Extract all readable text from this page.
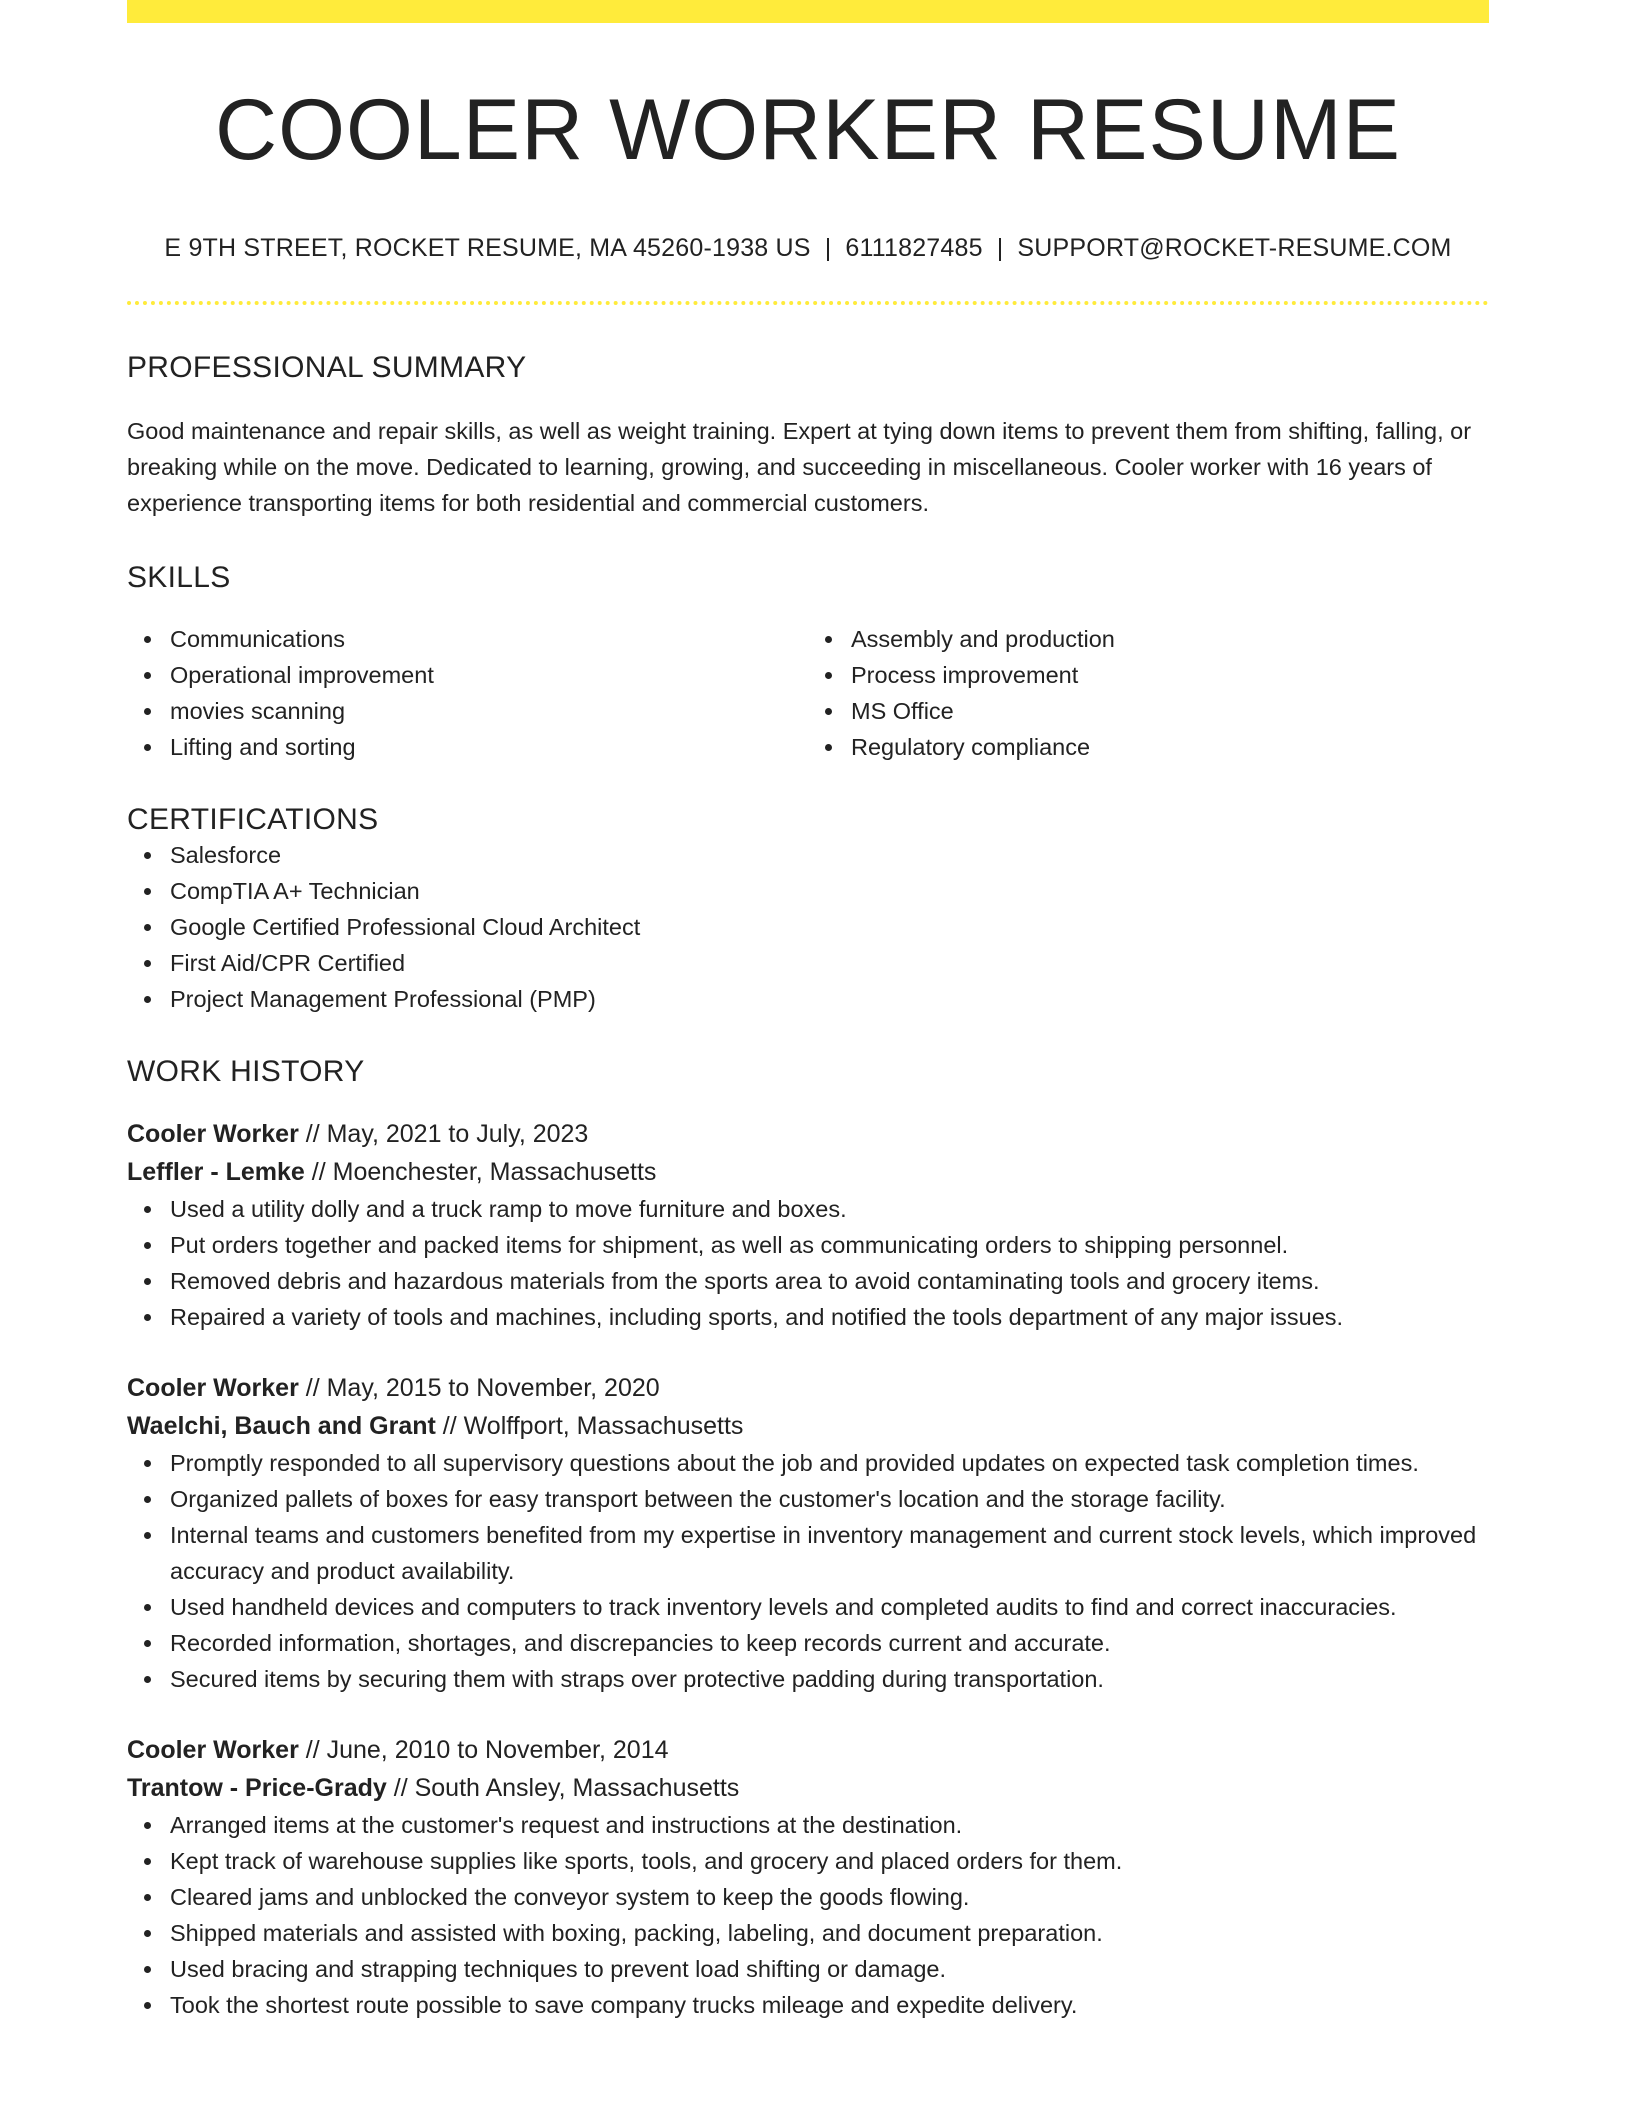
COOLER WORKER RESUME
E 9TH STREET, ROCKET RESUME, MA 45260-1938 US | 6111827485 | SUPPORT@ROCKET-RESUME.COM
PROFESSIONAL SUMMARY
Good maintenance and repair skills, as well as weight training. Expert at tying down items to prevent them from shifting, falling, or breaking while on the move. Dedicated to learning, growing, and succeeding in miscellaneous. Cooler worker with 16 years of experience transporting items for both residential and commercial customers.
SKILLS
Communications
Operational improvement
movies scanning
Lifting and sorting
Assembly and production
Process improvement
MS Office
Regulatory compliance
CERTIFICATIONS
Salesforce
CompTIA A+ Technician
Google Certified Professional Cloud Architect
First Aid/CPR Certified
Project Management Professional (PMP)
WORK HISTORY
Cooler Worker // May, 2021 to July, 2023
Leffler - Lemke // Moenchester, Massachusetts
Used a utility dolly and a truck ramp to move furniture and boxes.
Put orders together and packed items for shipment, as well as communicating orders to shipping personnel.
Removed debris and hazardous materials from the sports area to avoid contaminating tools and grocery items.
Repaired a variety of tools and machines, including sports, and notified the tools department of any major issues.
Cooler Worker // May, 2015 to November, 2020
Waelchi, Bauch and Grant // Wolffport, Massachusetts
Promptly responded to all supervisory questions about the job and provided updates on expected task completion times.
Organized pallets of boxes for easy transport between the customer's location and the storage facility.
Internal teams and customers benefited from my expertise in inventory management and current stock levels, which improved accuracy and product availability.
Used handheld devices and computers to track inventory levels and completed audits to find and correct inaccuracies.
Recorded information, shortages, and discrepancies to keep records current and accurate.
Secured items by securing them with straps over protective padding during transportation.
Cooler Worker // June, 2010 to November, 2014
Trantow - Price-Grady // South Ansley, Massachusetts
Arranged items at the customer's request and instructions at the destination.
Kept track of warehouse supplies like sports, tools, and grocery and placed orders for them.
Cleared jams and unblocked the conveyor system to keep the goods flowing.
Shipped materials and assisted with boxing, packing, labeling, and document preparation.
Used bracing and strapping techniques to prevent load shifting or damage.
Took the shortest route possible to save company trucks mileage and expedite delivery.
